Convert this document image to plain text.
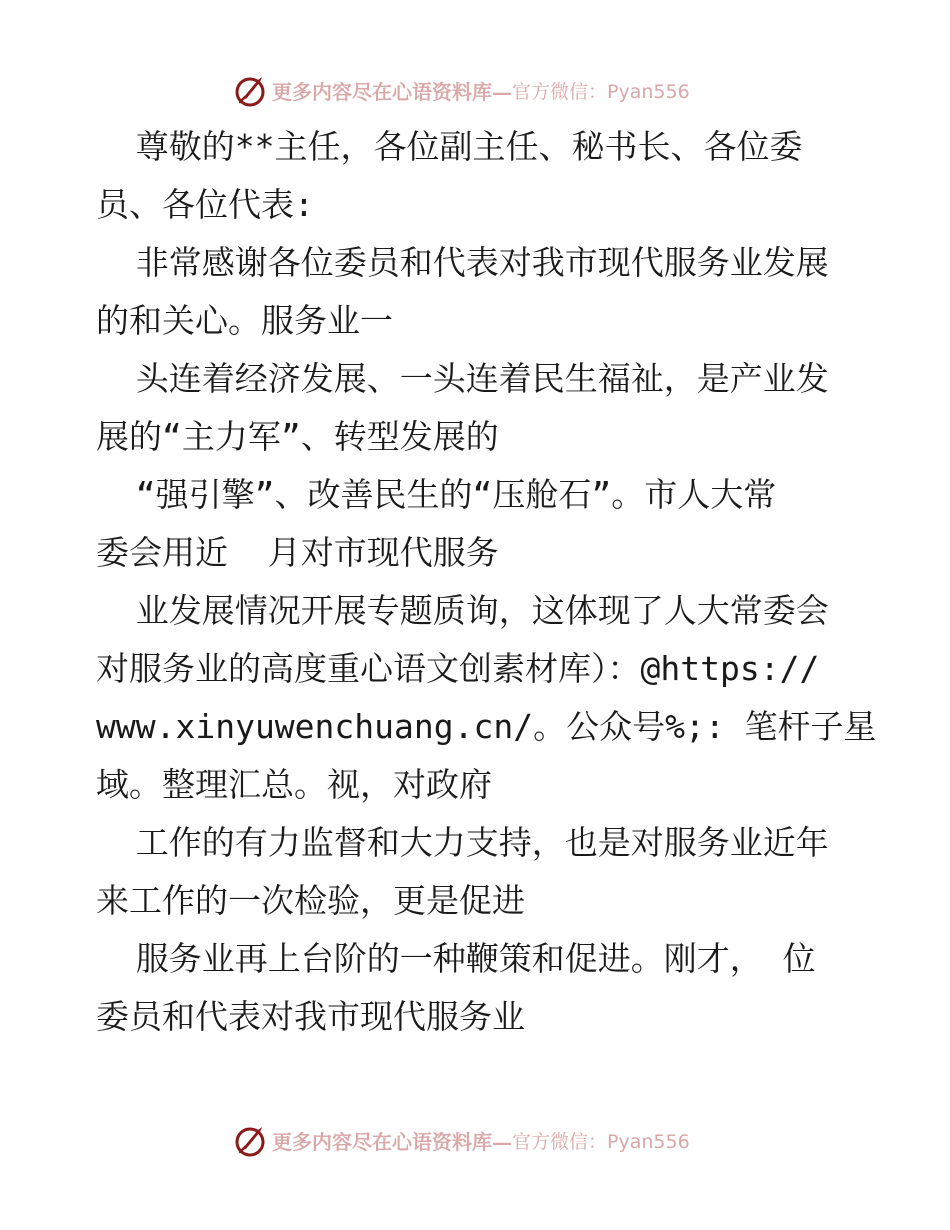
更多内容尽在心语资料库— 官方微信：Pyan556
尊敬的**主任，各位副主任、秘书长、各位委
员、各位代表:
非常感谢各位委员和代表对我市现代服务业发展
的和关心。服务业一
头连着经济发展、一头连着民生福祉，是产业发
展的“主力军”、转型发展的
“强引擎”、改善民生的“压舱石”。市人大常
委会用近  月对市现代服务
业发展情况开展专题质询，这体现了人大常委会
对服务业的高度重心语文创素材库）：@https://
www.xinyuwenchuang.cn/。公众号%;: 笔杆子星
域。整理汇总。视，对政府
工作的有力监督和大力支持，也是对服务业近年
来工作的一次检验，更是促进
服务业再上台阶的一种鞭策和促进。刚才， 位
委员和代表对我市现代服务业
更多内容尽在心语资料库— 官方微信：Pyan556
